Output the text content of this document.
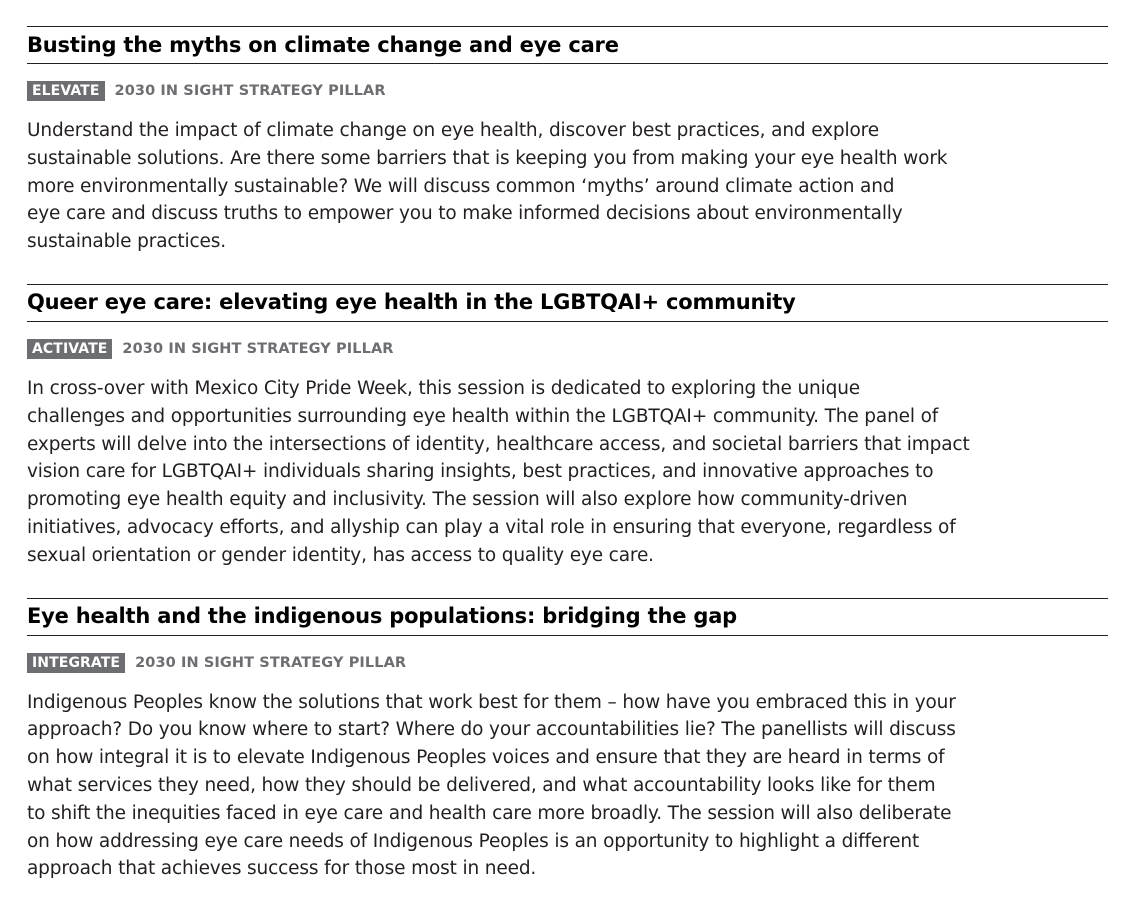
Busting the myths on climate change and eye care
ELEVATE	2030 IN SIGHT STRATEGY PILLAR

Understand the impact of climate change on eye health, discover best practices, and explore
sustainable solutions. Are there some barriers that is keeping you from making your eye health work
more environmentally sustainable? We will discuss common ‘myths’ around climate action and
eye care and discuss truths to empower you to make informed decisions about environmentally
sustainable practices.

Queer eye care: elevating eye health in the LGBTQAI+ community
ACTIVATE	2030 IN SIGHT STRATEGY PILLAR

In cross-over with Mexico City Pride Week, this session is dedicated to exploring the unique
challenges and opportunities surrounding eye health within the LGBTQAI+ community. The panel of
experts will delve into the intersections of identity, healthcare access, and societal barriers that impact
vision care for LGBTQAI+ individuals sharing insights, best practices, and innovative approaches to
promoting eye health equity and inclusivity. The session will also explore how community-driven
initiatives, advocacy efforts, and allyship can play a vital role in ensuring that everyone, regardless of
sexual orientation or gender identity, has access to quality eye care.

Eye health and the indigenous populations: bridging the gap
INTEGRATE	2030 IN SIGHT STRATEGY PILLAR

Indigenous Peoples know the solutions that work best for them – how have you embraced this in your
approach? Do you know where to start? Where do your accountabilities lie? The panellists will discuss
on how integral it is to elevate Indigenous Peoples voices and ensure that they are heard in terms of
what services they need, how they should be delivered, and what accountability looks like for them
to shift the inequities faced in eye care and health care more broadly. The session will also deliberate
on how addressing eye care needs of Indigenous Peoples is an opportunity to highlight a different
approach that achieves success for those most in need.
